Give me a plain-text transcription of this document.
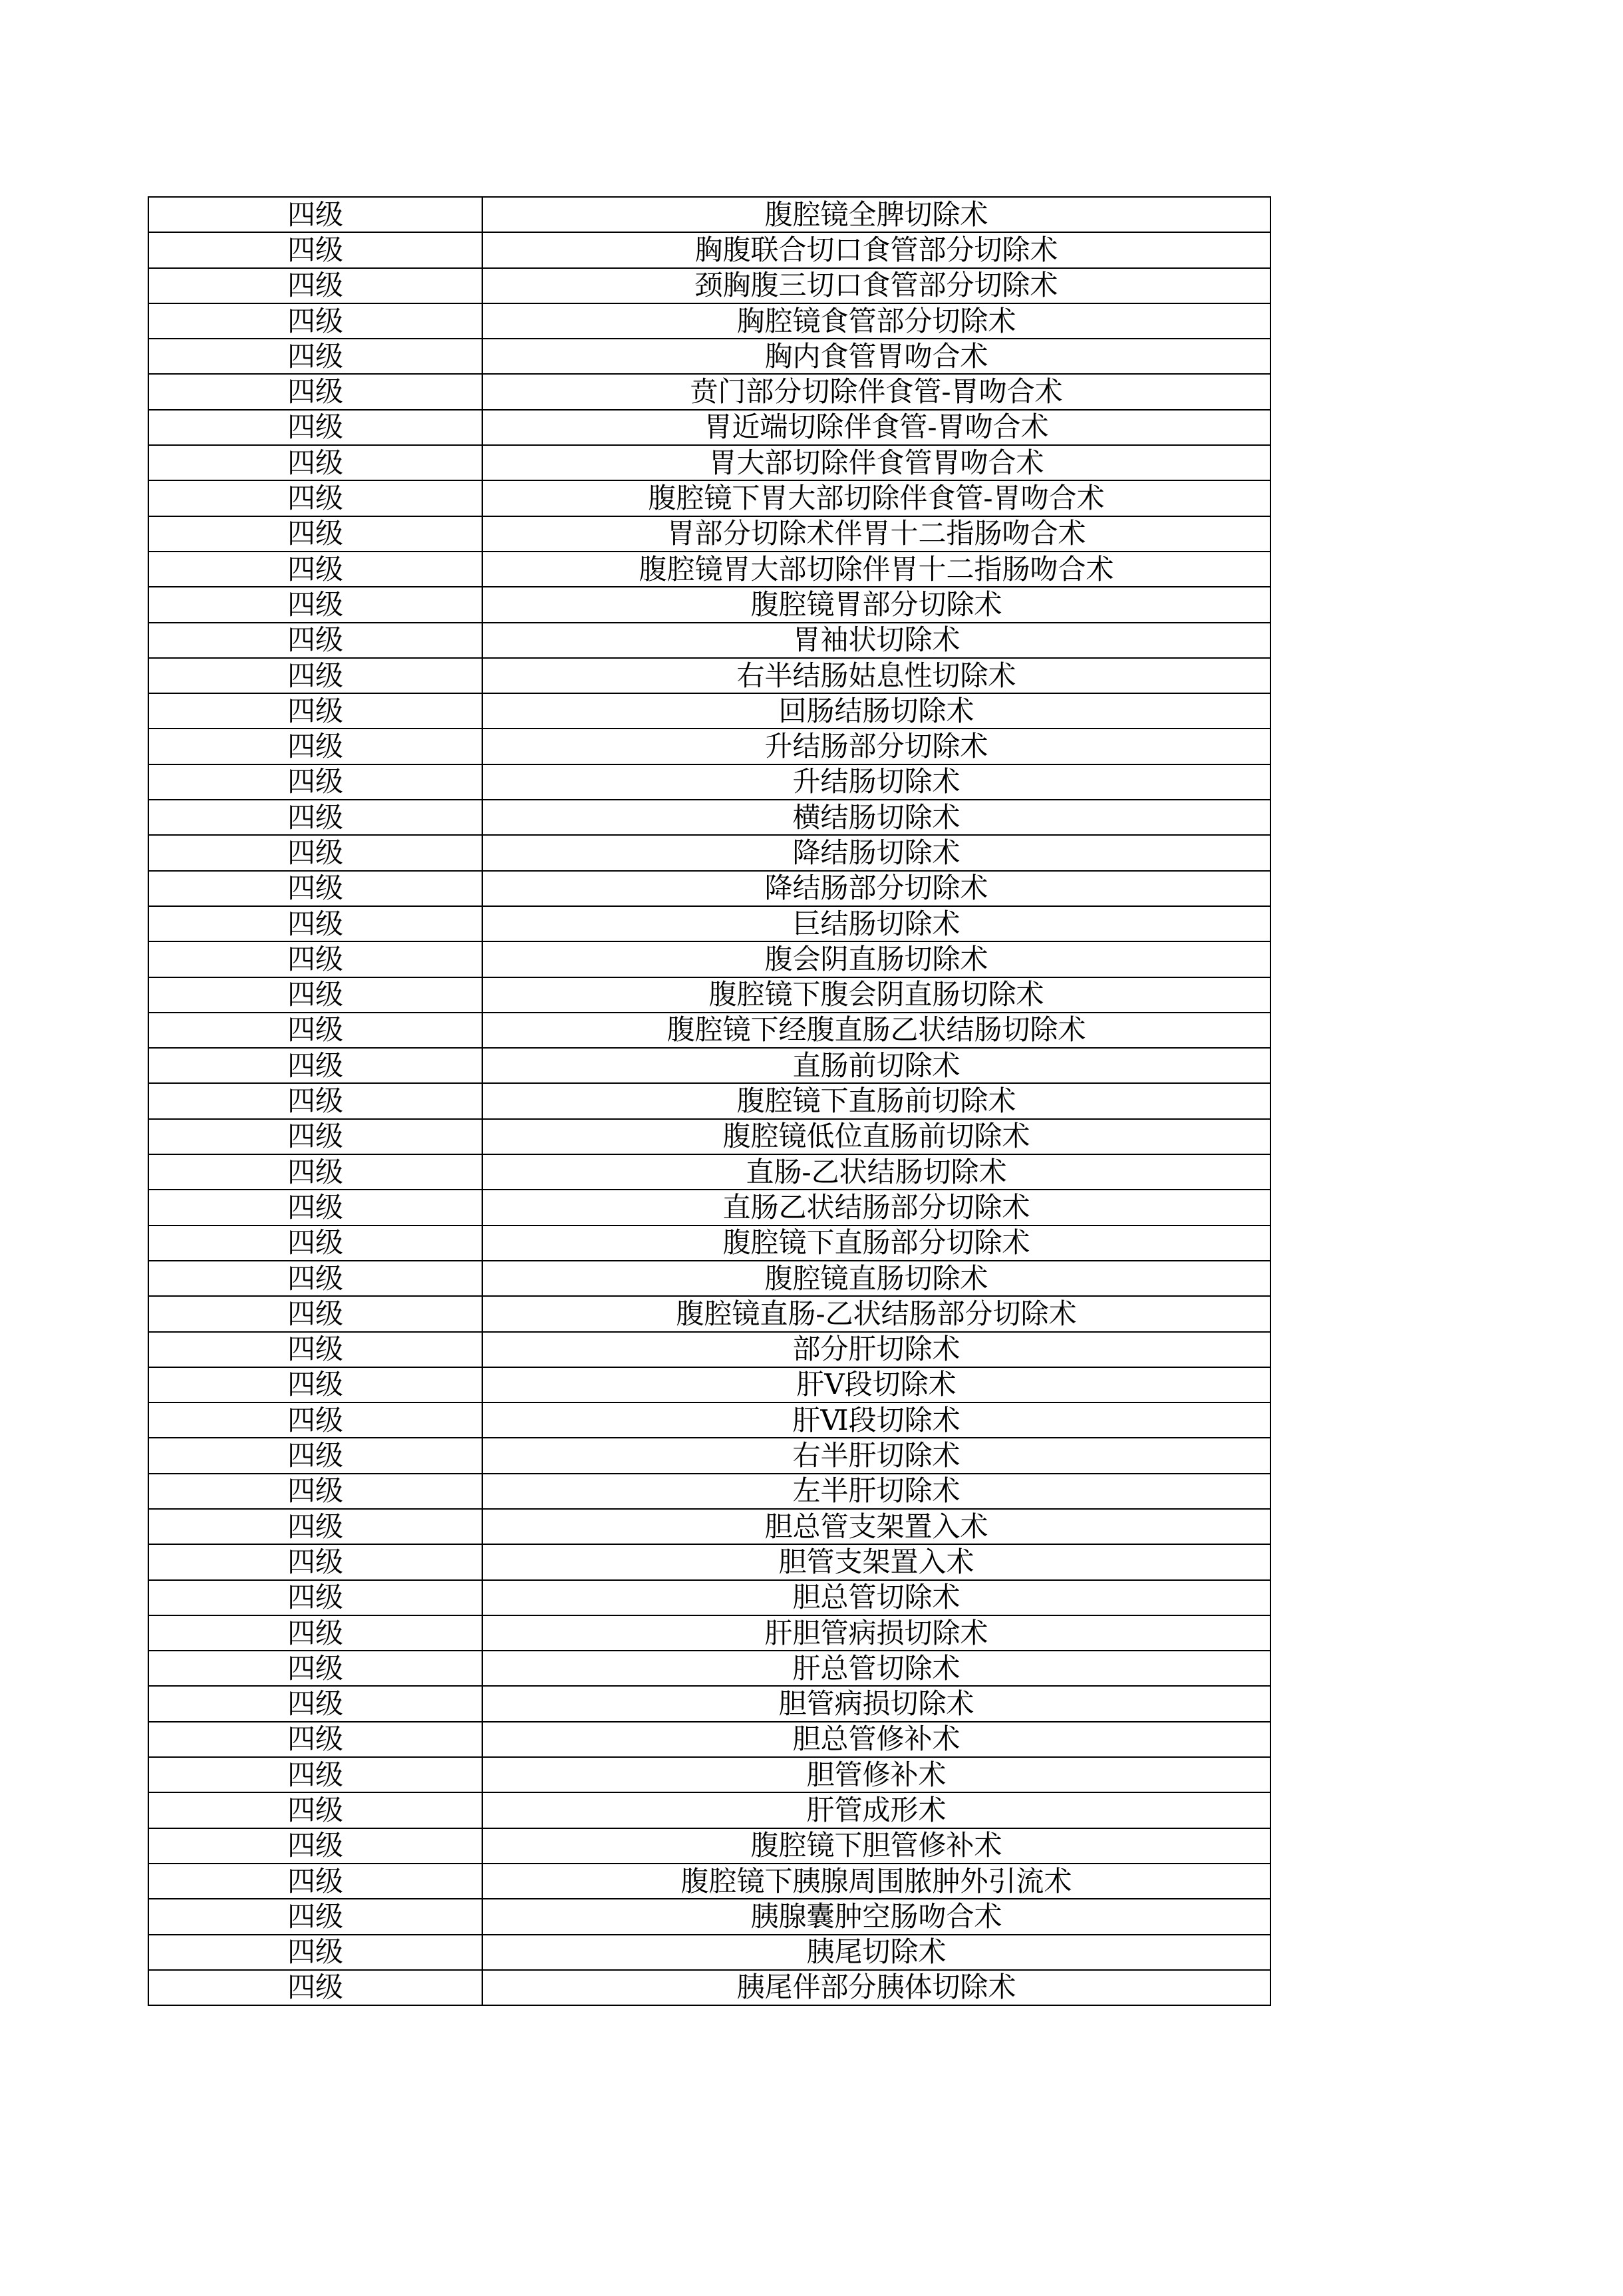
四级	腹腔镜全脾切除术
四级	胸腹联合切口食管部分切除术
四级	颈胸腹三切口食管部分切除术
四级	胸腔镜食管部分切除术
四级	胸内食管胃吻合术
四级	贲门部分切除伴食管-胃吻合术
四级	胃近端切除伴食管-胃吻合术
四级	胃大部切除伴食管胃吻合术
四级	腹腔镜下胃大部切除伴食管-胃吻合术
四级	胃部分切除术伴胃十二指肠吻合术
四级	腹腔镜胃大部切除伴胃十二指肠吻合术
四级	腹腔镜胃部分切除术
四级	胃袖状切除术
四级	右半结肠姑息性切除术
四级	回肠结肠切除术
四级	升结肠部分切除术
四级	升结肠切除术
四级	横结肠切除术
四级	降结肠切除术
四级	降结肠部分切除术
四级	巨结肠切除术
四级	腹会阴直肠切除术
四级	腹腔镜下腹会阴直肠切除术
四级	腹腔镜下经腹直肠乙状结肠切除术
四级	直肠前切除术
四级	腹腔镜下直肠前切除术
四级	腹腔镜低位直肠前切除术
四级	直肠-乙状结肠切除术
四级	直肠乙状结肠部分切除术
四级	腹腔镜下直肠部分切除术
四级	腹腔镜直肠切除术
四级	腹腔镜直肠-乙状结肠部分切除术
四级	部分肝切除术
四级	肝Ⅴ段切除术
四级	肝Ⅵ段切除术
四级	右半肝切除术
四级	左半肝切除术
四级	胆总管支架置入术
四级	胆管支架置入术
四级	胆总管切除术
四级	肝胆管病损切除术
四级	肝总管切除术
四级	胆管病损切除术
四级	胆总管修补术
四级	胆管修补术
四级	肝管成形术
四级	腹腔镜下胆管修补术
四级	腹腔镜下胰腺周围脓肿外引流术
四级	胰腺囊肿空肠吻合术
四级	胰尾切除术
四级	胰尾伴部分胰体切除术
